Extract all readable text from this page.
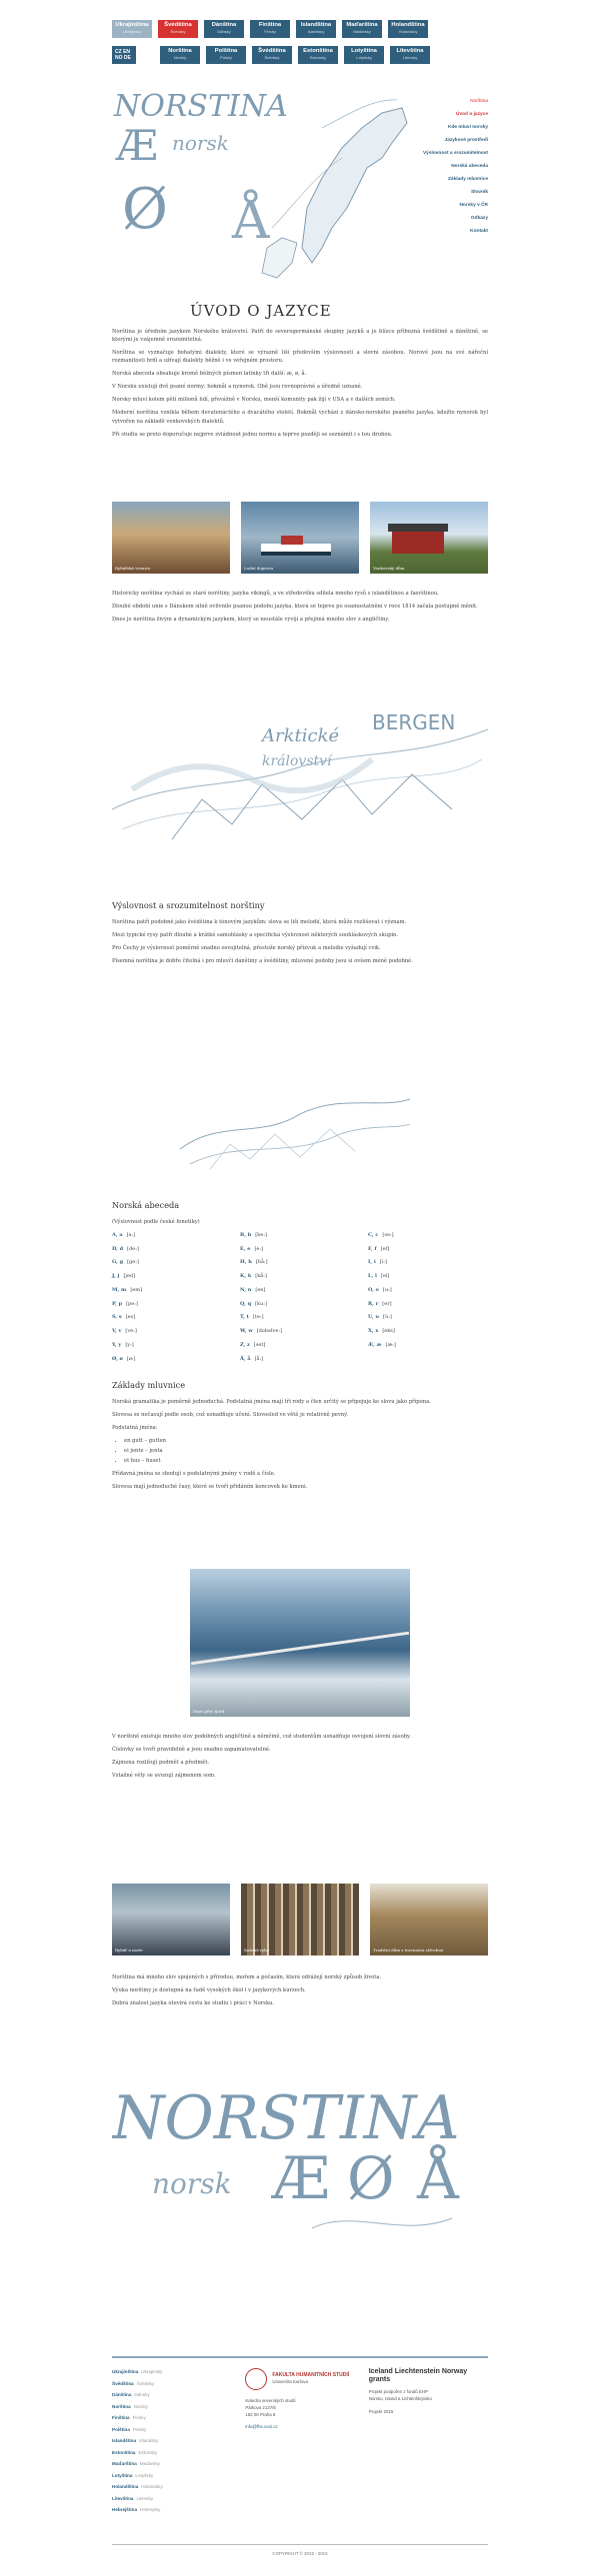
Ukrajinština
Ukrajinsky
Švédština
Švédsky
Dánština
Dánsky
Finština
Finsky
Islandština
Islandsky
Maďarština
Maďarsky
Holandština
Holandsky
CZ EN
NO DE
Norština
Norsky
Polština
Polsky
Švédština
Švédsky
Estonština
Estonsky
Lotyština
Lotyšsky
Litevština
Litevsky
NORSTINA
norsk
Æ
Ø Å
Norština
Úvod o jazyce
Kde mluví norsky
Jazykové prostředí
Výslovnost a srozumitelnost
Norská abeceda
Základy mluvnice
Slovník
Norsky v ČR
Odkazy
Kontakt
ÚVOD O JAZYCE

Norština je úředním jazykem Norského království. Patří do severogermánské skupiny jazyků a je blízce příbuzná švédštině a dánštině, se kterými je vzájemně srozumitelná.

Norština se vyznačuje bohatými dialekty, které se výrazně liší především výslovností a slovní zásobou. Norové jsou na své nářeční rozmanitosti hrdí a užívají dialekty běžně i ve veřejném prostoru.

Norská abeceda obsahuje kromě běžných písmen latinky tři další: æ, ø, å.

V Norsku existují dvě psané normy: bokmål a nynorsk. Obě jsou rovnoprávné a úředně uznané.

Norsky mluví kolem pěti milionů lidí, převážně v Norsku, menší komunity pak žijí v USA a v dalších zemích.

Moderní norština vznikla během devatenáctého a dvacátého století. Bokmål vychází z dánsko-norského psaného jazyka, kdežto nynorsk byl vytvořen na základě venkovských dialektů.

Při studiu se proto doporučuje nejprve zvládnout jednu normu a teprve později se seznámit i s tou druhou.

Rybářská vesnice	Lodní doprava	Venkovský dům

Historicky norština vychází ze staré norštiny, jazyka vikingů, a ve středověku sdílela mnoho rysů s islandštinou a faerštinou.

Dlouhé období unie s Dánskem silně ovlivnilo psanou podobu jazyka, která se teprve po osamostatnění v roce 1814 začala postupně měnit.

Dnes je norština živým a dynamickým jazykem, který se neustále vyvíjí a přejímá mnoho slov z angličtiny.

Arktické
království
BERGEN
Výslovnost a srozumitelnost norštiny

Norština patří podobně jako švédština k tónovým jazykům: slova se liší melodií, která může rozlišovat i význam.

Mezi typické rysy patří dlouhé a krátké samohlásky a specifická výslovnost některých souhláskových skupin.

Pro Čechy je výslovnost poměrně snadno osvojitelná, přestože norský přízvuk a melodie vyžadují cvik.

Písemná norština je dobře čitelná i pro mluvčí dánštiny a švédštiny, mluvené podoby jsou si ovšem méně podobné.

Norská abeceda
(Výslovnost podle české fonetiky)
A, a [a:]	B, b [be:]	C, c [se:]
D, d [de:]	E, e [e:]	F, f [ef]
G, g [ge:]	H, h [hå:]	I, i [i:]
J, j [jed]	K, k [kå:]	L, l [el]
M, m [em]	N, n [en]	O, o [u:]
P, p [pe:]	Q, q [ku:]	R, r [er]
S, s [es]	T, t [te:]	U, u [ü:]
V, v [ve:]	W, w [dobelve:]	X, x [eks]
Y, y [y:]	Z, z [set]	Æ, æ [æ:]
Ø, ø [ø:]	Å, å [å:]
Základy mluvnice

Norská gramatika je poměrně jednoduchá. Podstatná jména mají tři rody a člen určitý se připojuje ke slovu jako přípona.

Slovesa se nečasují podle osob, což usnadňuje učení. Slovosled ve větě je relativně pevný.

Podstatná jména:

• en gutt – gutten
• ei jente – jenta
• et hus – huset

Přídavná jména se shodují s podstatnými jmény v rodě a čísle.

Slovesa mají jednoduché časy, které se tvoří přidáním koncovek ke kmeni.

Most přes fjord

V norštině existuje mnoho slov podobných angličtině a němčině, což studentům usnadňuje osvojení slovní zásoby.

Číslovky se tvoří pravidelně a jsou snadno zapamatovatelné.

Zájmena rozlišují podmět a předmět.

Vztažné věty se uvozují zájmenem som.

Rybář u moře	Sušené ryby	Tradiční dům s travnatou střechou

Norština má mnoho slov spojených s přírodou, mořem a počasím, která odrážejí norský způsob života.

Výuka norštiny je dostupná na řadě vysokých škol i v jazykových kurzech.

Dobrá znalost jazyka otevírá cestu ke studiu i práci v Norsku.

NORSTINA
norsk Æ Ø Å
Ukrajinština Ukrajinsky
Švédština Švédsky
Dánština Dánsky
Norština Norsky
Finština Finsky
Polština Polsky
Islandština Islandsky
Estonština Estonsky
Maďarština Maďarsky
Lotyština Lotyšsky
Holandština Holandsky
Litevština Litevsky
Hebrejština Hebrejsky
FAKULTA HUMANITNÍCH STUDIÍ
Univerzita Karlova
Katedra severských studií
Pátkova 2137/5
182 00 Praha 8
info@fhs.cuni.cz
Iceland Liechtenstein Norway grants
Projekt podpořen z fondů EHP
Norsko, Island a Lichtenštejnsko
Projekt 2015
COPYRIGHT © 2015 - 2016
